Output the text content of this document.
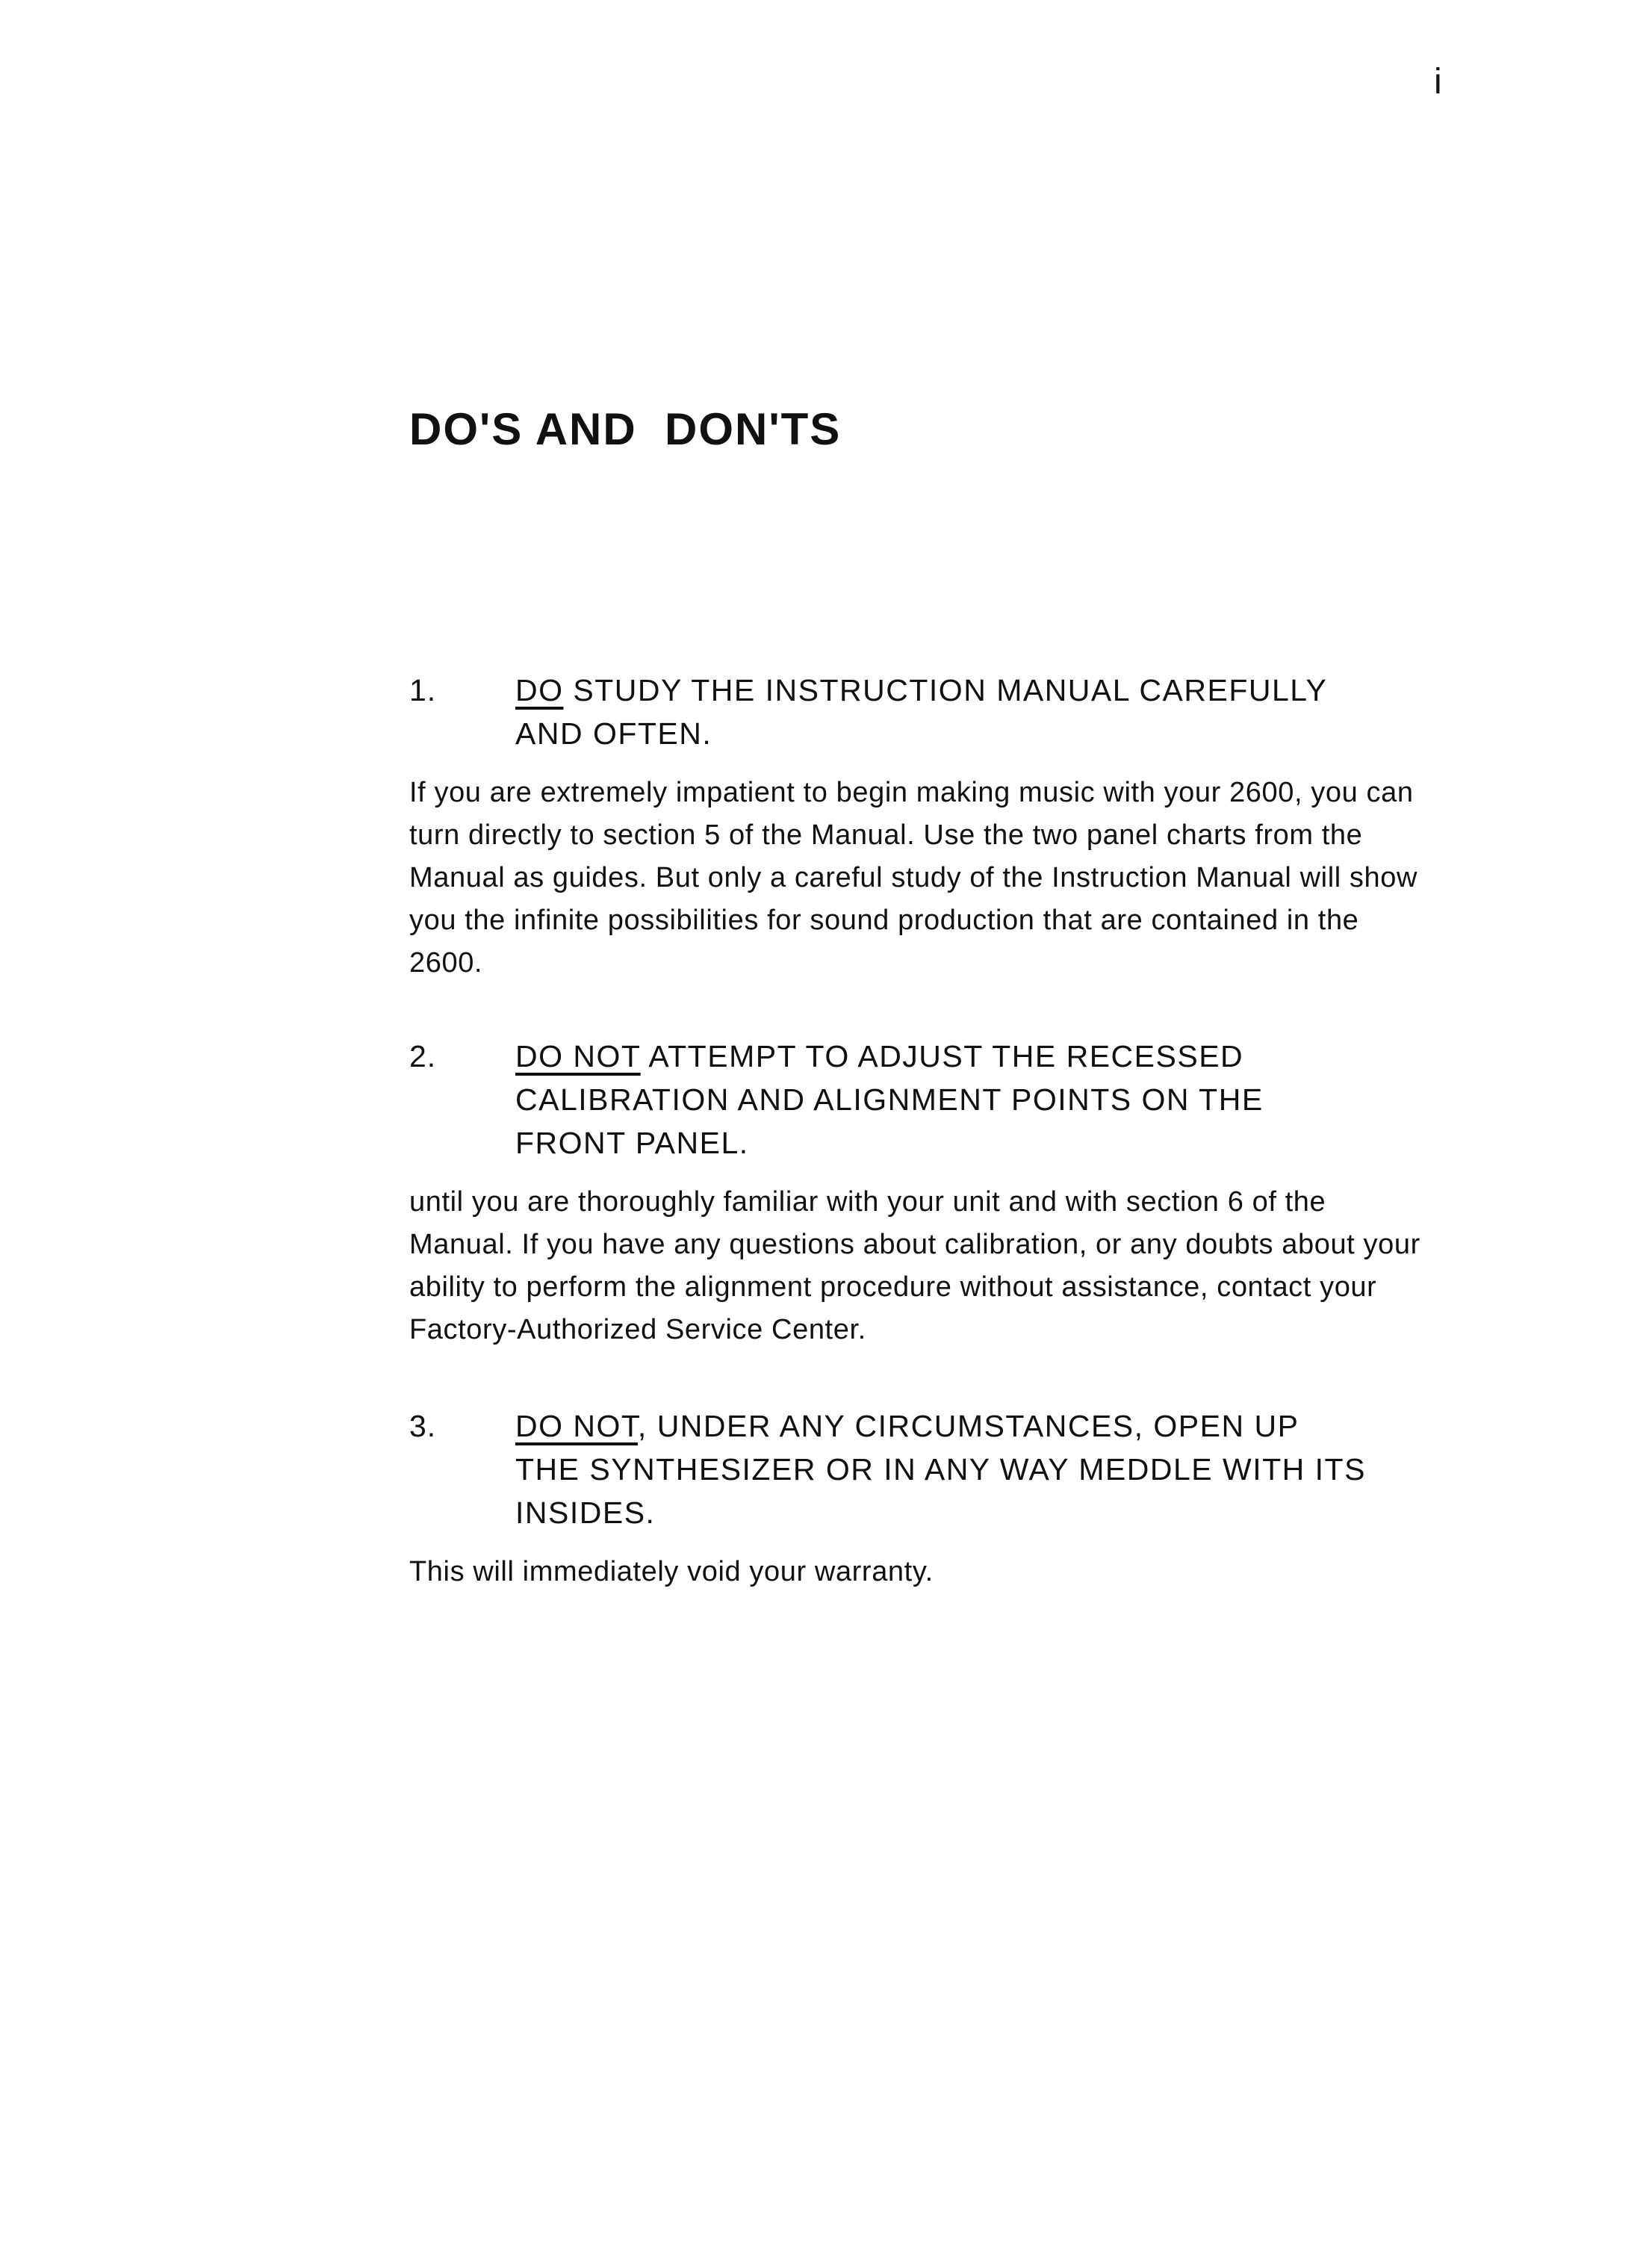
i
DO'S AND  DON'TS
1.	DO STUDY THE INSTRUCTION MANUAL CAREFULLY AND OFTEN.
If you are extremely impatient to begin making music with your 2600, you can turn directly to section 5 of the Manual. Use the two panel charts from the Manual as guides. But only a careful study of the Instruction Manual will show you the infinite possibilities for sound production that are contained in the 2600.
2.	DO NOT ATTEMPT TO ADJUST THE RECESSED CALIBRATION AND ALIGNMENT POINTS ON THE FRONT PANEL.
until you are thoroughly familiar with your unit and with section 6 of the Manual. If you have any questions about calibration, or any doubts about your ability to perform the alignment procedure without assistance, contact your Factory-Authorized Service Center.
3.	DO NOT, UNDER ANY CIRCUMSTANCES, OPEN UP THE SYNTHESIZER OR IN ANY WAY MEDDLE WITH ITS INSIDES.
This will immediately void your warranty.
